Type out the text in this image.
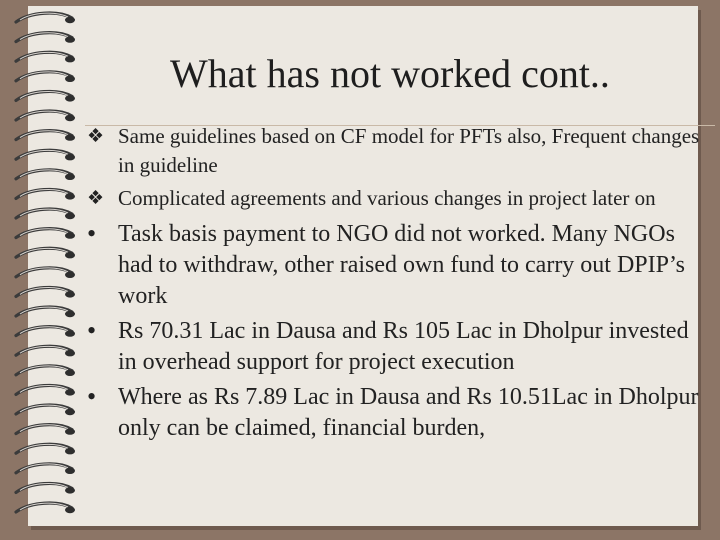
What has not worked cont..
❖ Same guidelines based on CF model for PFTs also, Frequent changes in guideline
❖ Complicated agreements and various changes in project later on
• Task basis payment to NGO did not worked. Many NGOs had to withdraw, other raised own fund to carry out DPIP’s work
• Rs 70.31 Lac in Dausa and Rs 105 Lac in Dholpur invested in overhead support for project execution
• Where as Rs 7.89 Lac in Dausa and Rs 10.51Lac in Dholpur only can be claimed, financial burden,
